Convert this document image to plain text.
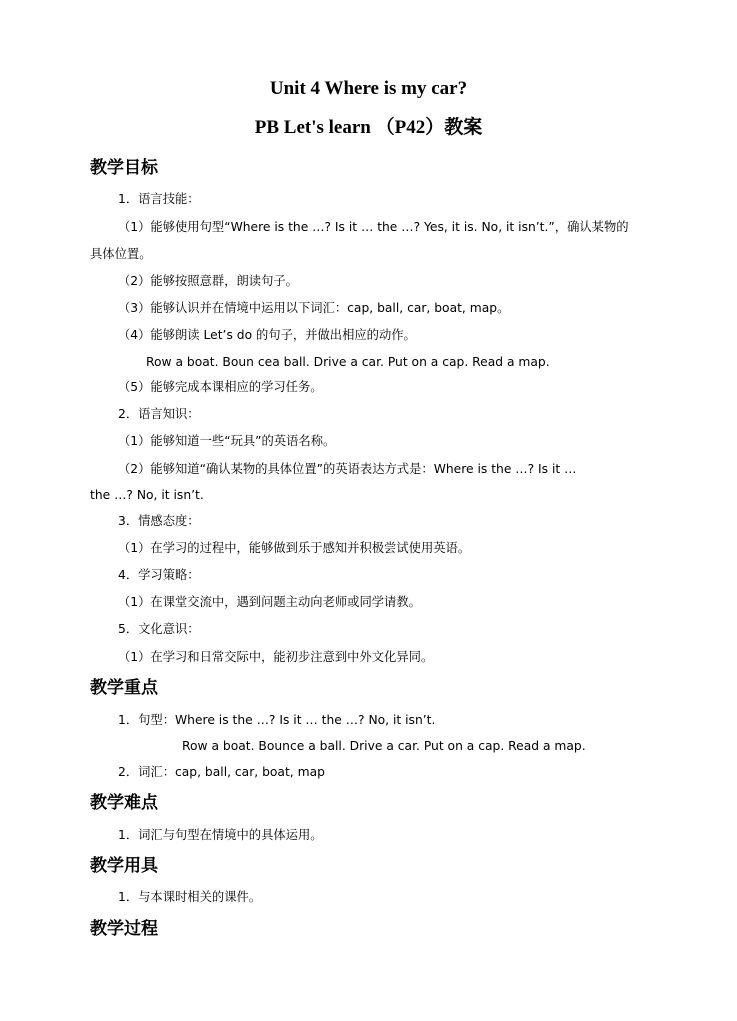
Unit 4 Where is my car?
PB Let's learn （P42）教案
教学目标
1．语言技能：
（1）能够使用句型“Where is the …? Is it … the …? Yes, it is. No, it isn’t.”，确认某物的
具体位置。
（2）能够按照意群，朗读句子。
（3）能够认识并在情境中运用以下词汇：cap, ball, car, boat, map。
（4）能够朗读 Let’s do 的句子，并做出相应的动作。
Row a boat. Boun cea ball. Drive a car. Put on a cap. Read a map.
（5）能够完成本课相应的学习任务。
2．语言知识：
（1）能够知道一些“玩具”的英语名称。
（2）能够知道“确认某物的具体位置”的英语表达方式是：Where is the …? Is it …
the …? No, it isn’t.
3．情感态度：
（1）在学习的过程中，能够做到乐于感知并积极尝试使用英语。
4．学习策略：
（1）在课堂交流中，遇到问题主动向老师或同学请教。
5．文化意识：
（1）在学习和日常交际中，能初步注意到中外文化异同。
教学重点
1．句型：Where is the …? Is it … the …? No, it isn’t.
Row a boat. Bounce a ball. Drive a car. Put on a cap. Read a map.
2．词汇：cap, ball, car, boat, map
教学难点
1．词汇与句型在情境中的具体运用。
教学用具
1．与本课时相关的课件。
教学过程
